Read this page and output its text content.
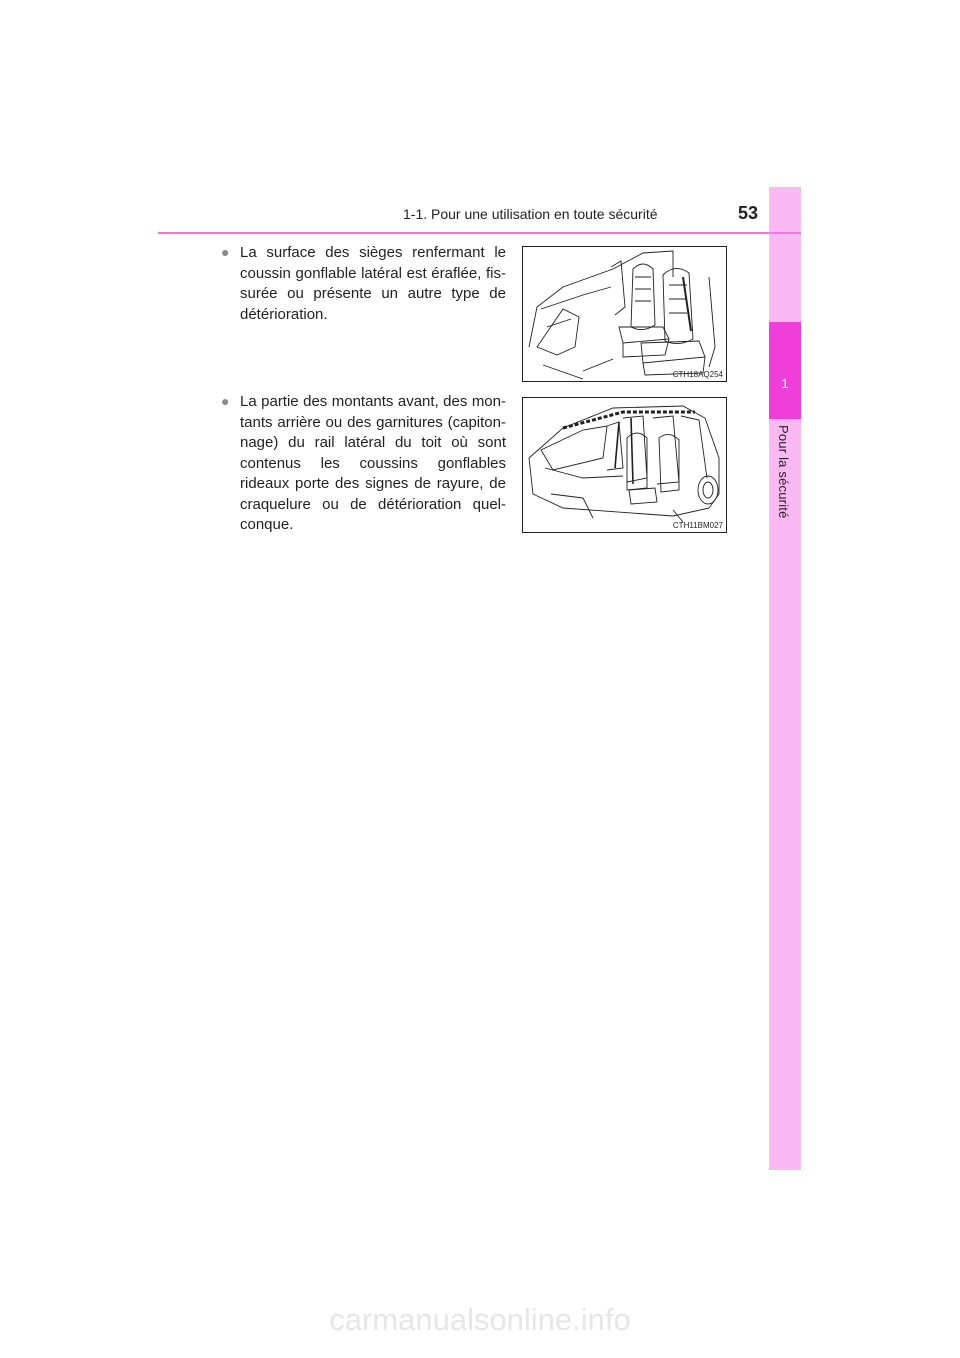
1
Pour la sécurité
1-1. Pour une utilisation en toute sécurité	53
● La surface des sièges renfermant le coussin gonflable latéral est éraflée, fis-surée ou présente un autre type de détérioration.

CTH18AQ254
● La partie des montants avant, des mon-tants arrière ou des garnitures (capiton-nage) du rail latéral du toit où sont contenus les coussins gonflables rideaux porte des signes de rayure, de craquelure ou de détérioration quel-conque.	CTH11BM027
carmanualsonline.info
